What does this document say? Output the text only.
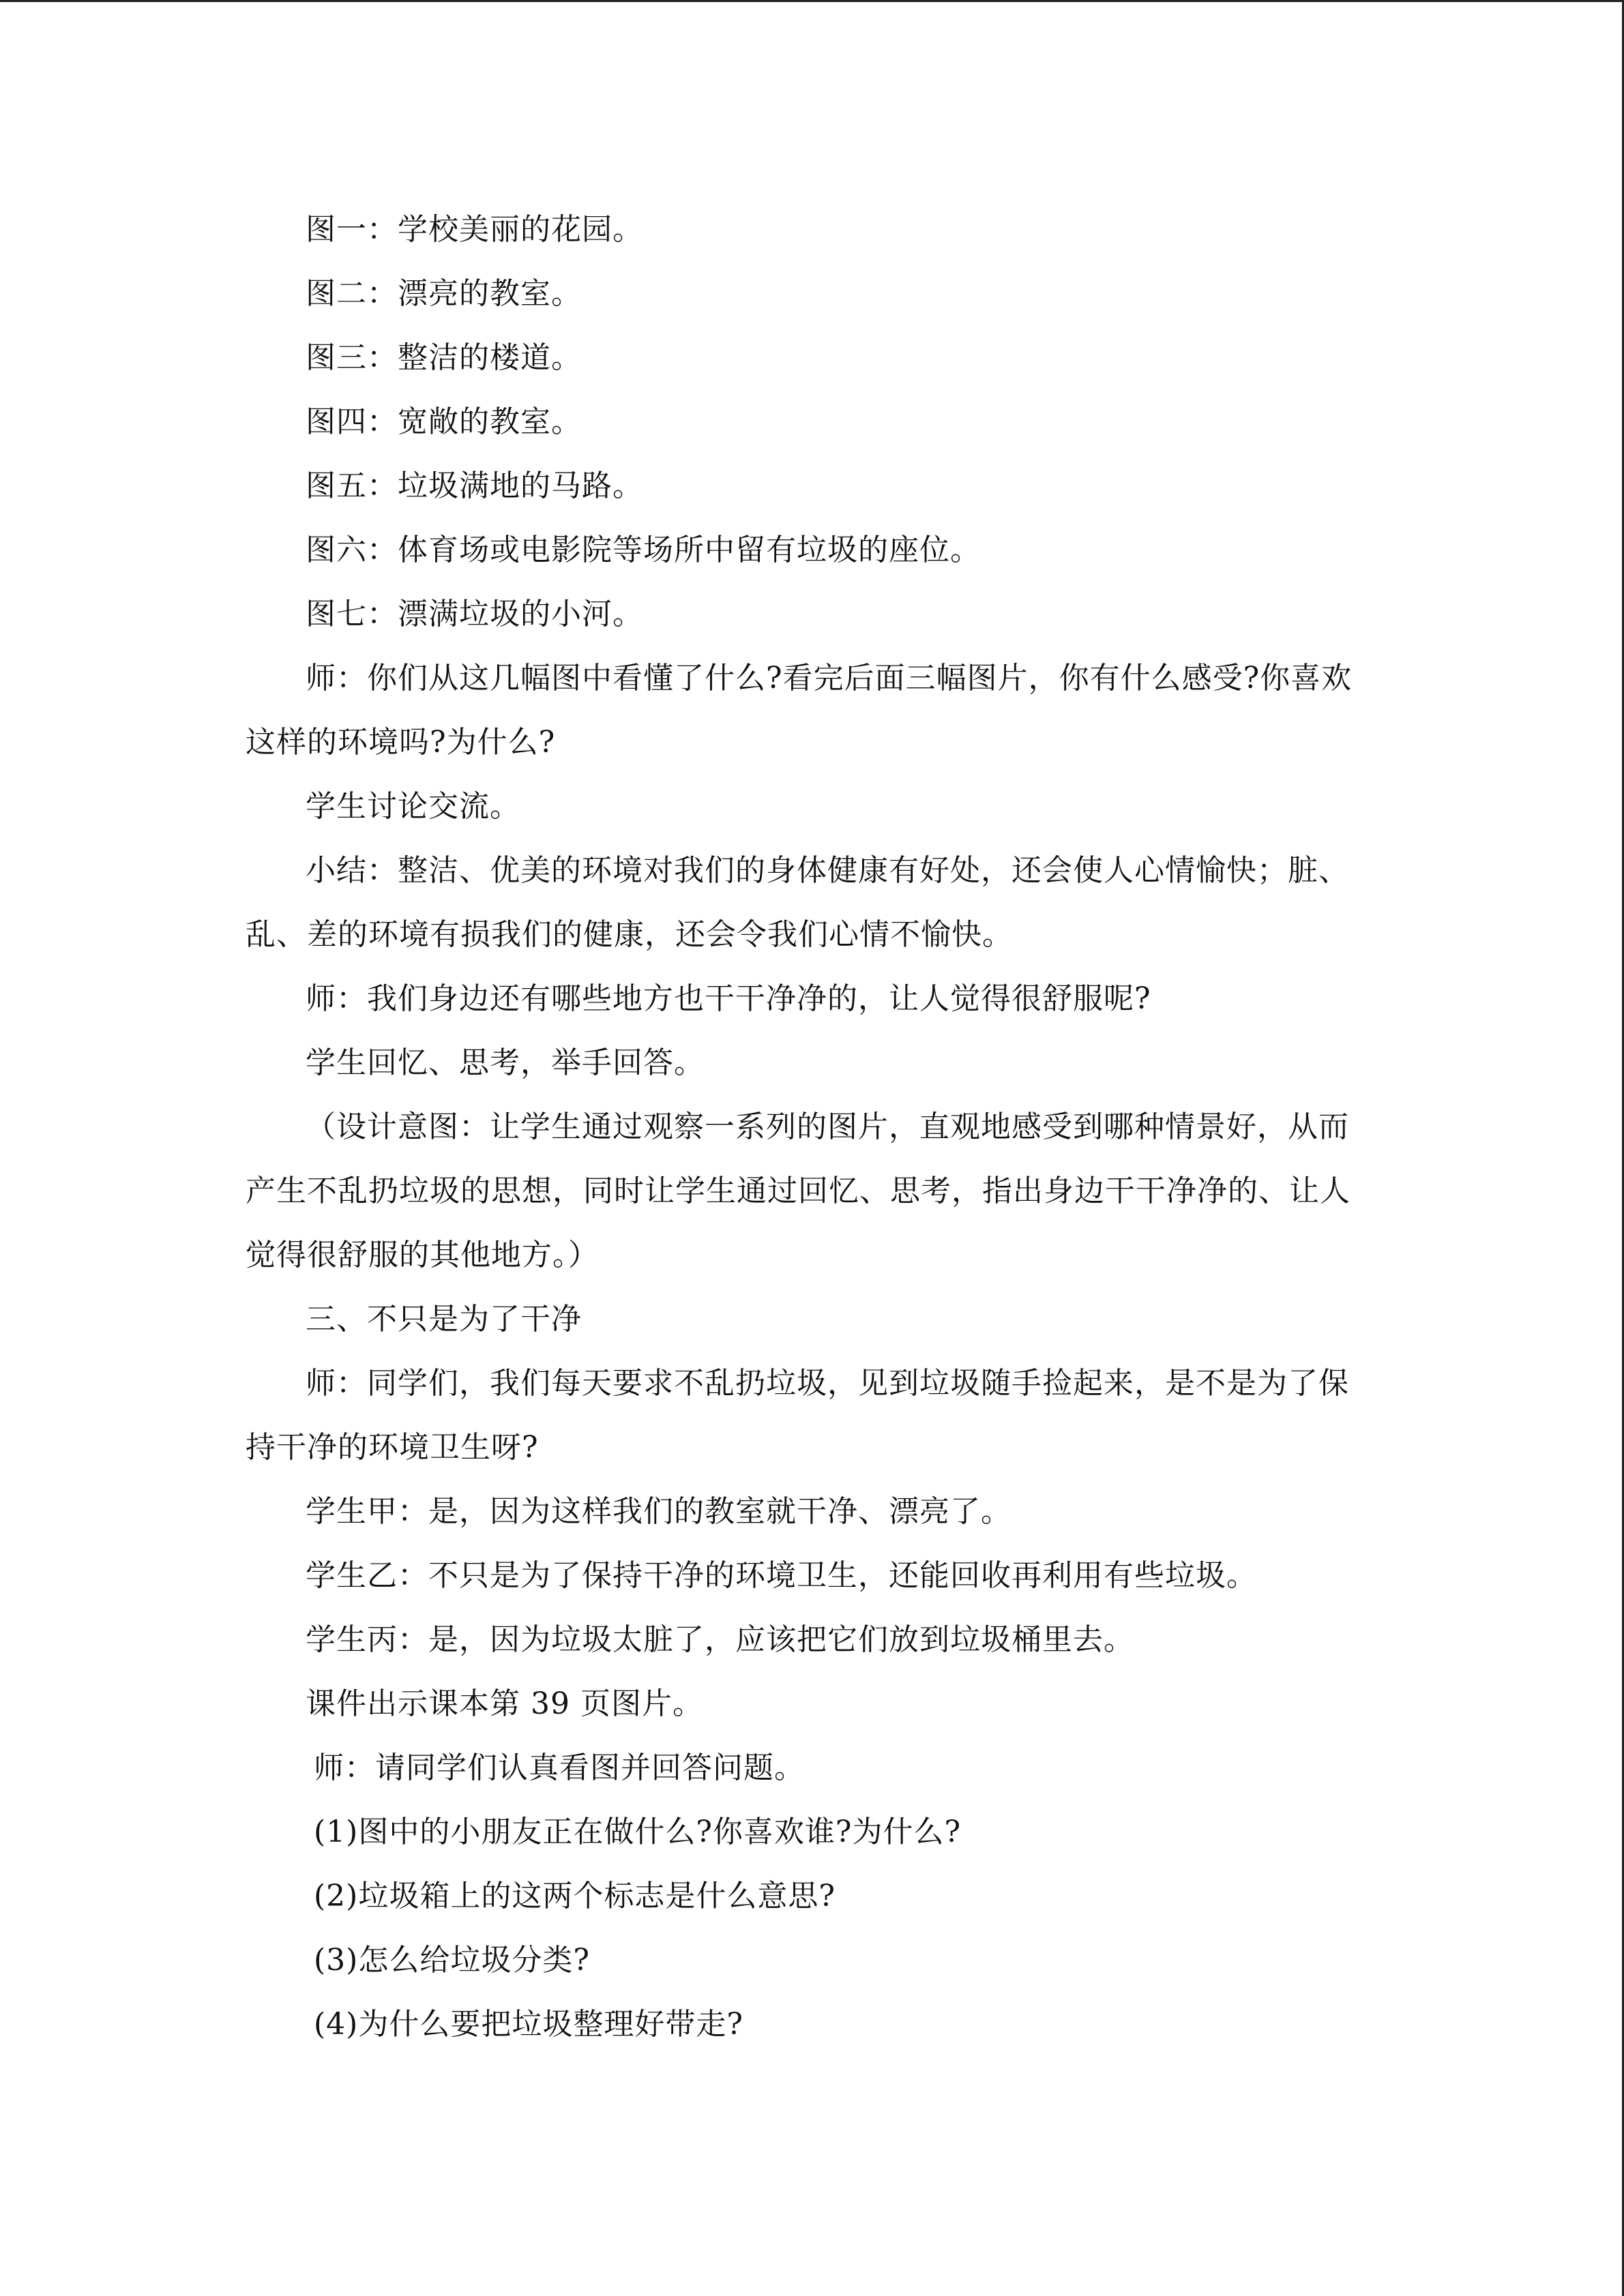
图一：学校美丽的花园。

图二：漂亮的教室。

图三：整洁的楼道。

图四：宽敞的教室。

图五：垃圾满地的马路。

图六：体育场或电影院等场所中留有垃圾的座位。

图七：漂满垃圾的小河。

师：你们从这几幅图中看懂了什么?看完后面三幅图片，你有什么感受?你喜欢这样的环境吗?为什么?

学生讨论交流。

小结：整洁、优美的环境对我们的身体健康有好处，还会使人心情愉快；脏、乱、差的环境有损我们的健康，还会令我们心情不愉快。

师：我们身边还有哪些地方也干干净净的，让人觉得很舒服呢?

学生回忆、思考，举手回答。

（设计意图：让学生通过观察一系列的图片，直观地感受到哪种情景好，从而产生不乱扔垃圾的思想，同时让学生通过回忆、思考，指出身边干干净净的、让人觉得很舒服的其他地方。）

三、不只是为了干净

师：同学们，我们每天要求不乱扔垃圾，见到垃圾随手捡起来，是不是为了保持干净的环境卫生呀?

学生甲：是，因为这样我们的教室就干净、漂亮了。

学生乙：不只是为了保持干净的环境卫生，还能回收再利用有些垃圾。

学生丙：是，因为垃圾太脏了，应该把它们放到垃圾桶里去。

课件出示课本第 39 页图片。

师：请同学们认真看图并回答问题。

(1)图中的小朋友正在做什么?你喜欢谁?为什么?

(2)垃圾箱上的这两个标志是什么意思?

(3)怎么给垃圾分类?

(4)为什么要把垃圾整理好带走?
